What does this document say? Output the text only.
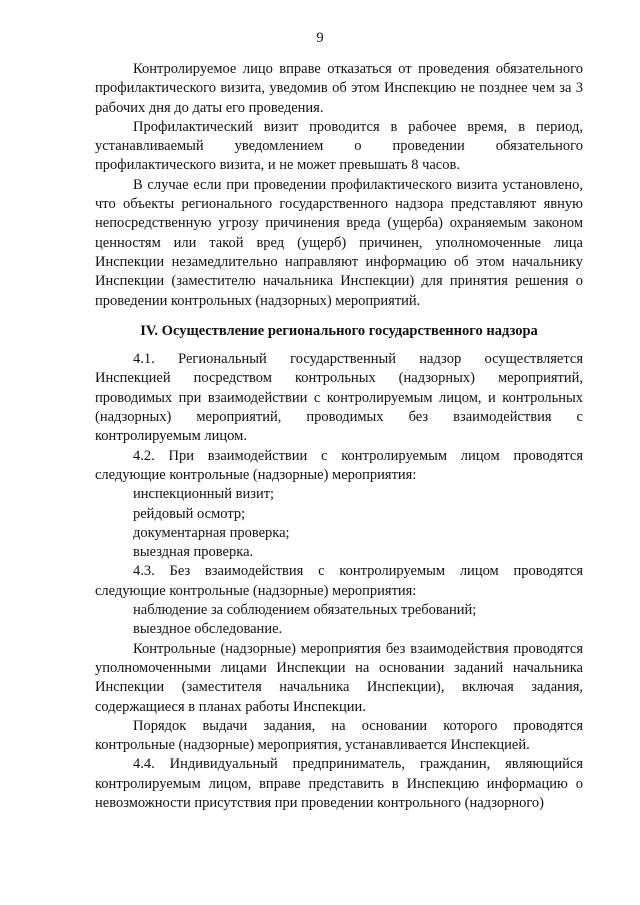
9

Контролируемое лицо вправе отказаться от проведения обязательного профилактического визита, уведомив об этом Инспекцию не позднее чем за 3 рабочих дня до даты его проведения.

Профилактический визит проводится в рабочее время, в период, устанавливаемый уведомлением о проведении обязательного профилактического визита, и не может превышать 8 часов.

В случае если при проведении профилактического визита установлено, что объекты регионального государственного надзора представляют явную непосредственную угрозу причинения вреда (ущерба) охраняемым законом ценностям или такой вред (ущерб) причинен, уполномоченные лица Инспекции незамедлительно направляют информацию об этом начальнику Инспекции (заместителю начальника Инспекции) для принятия решения о проведении контрольных (надзорных) мероприятий.

IV. Осуществление регионального государственного надзора

4.1. Региональный государственный надзор осуществляется Инспекцией посредством контрольных (надзорных) мероприятий, проводимых при взаимодействии с контролируемым лицом, и контрольных (надзорных) мероприятий, проводимых без взаимодействия с контролируемым лицом.

4.2. При взаимодействии с контролируемым лицом проводятся следующие контрольные (надзорные) мероприятия:

инспекционный визит;

рейдовый осмотр;

документарная проверка;

выездная проверка.

4.3. Без взаимодействия с контролируемым лицом проводятся следующие контрольные (надзорные) мероприятия:

наблюдение за соблюдением обязательных требований;

выездное обследование.

Контрольные (надзорные) мероприятия без взаимодействия проводятся уполномоченными лицами Инспекции на основании заданий начальника Инспекции (заместителя начальника Инспекции), включая задания, содержащиеся в планах работы Инспекции.

Порядок выдачи задания, на основании которого проводятся контрольные (надзорные) мероприятия, устанавливается Инспекцией.

4.4. Индивидуальный предприниматель, гражданин, являющийся контролируемым лицом, вправе представить в Инспекцию информацию о невозможности присутствия при проведении контрольного (надзорного)
